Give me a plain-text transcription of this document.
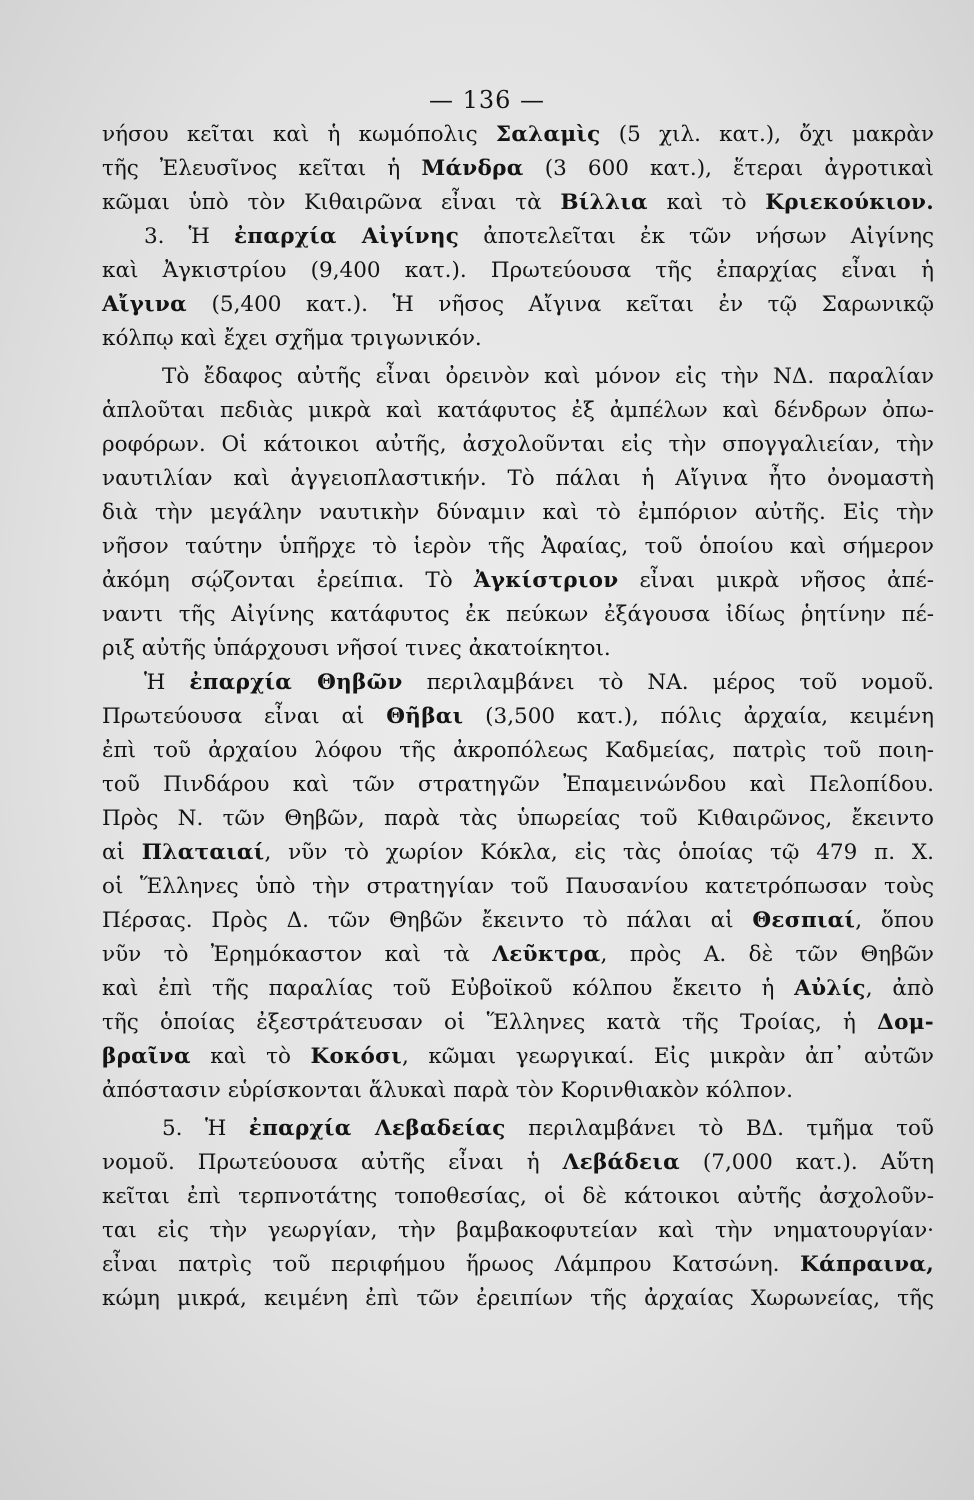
— 136 —
νήσου κεῖται καὶ ἡ κωμόπολις Σαλαμὶς (5 χιλ. κατ.), ὄχι μακρὰν
τῆς Ἐλευσῖνος κεῖται ἡ Μάνδρα (3 600 κατ.), ἕτεραι ἀγροτικαὶ
κῶμαι ὑπὸ τὸν Κιθαιρῶνα εἶναι τὰ Βίλλια καὶ τὸ Κριεκούκιον.
3. Ἡ ἐπαρχία Αἰγίνης ἀποτελεῖται ἐκ τῶν νήσων Αἰγίνης
καὶ Ἀγκιστρίου (9,400 κατ.). Πρωτεύουσα τῆς ἐπαρχίας εἶναι ἡ
Αἴγινα (5,400 κατ.). Ἡ νῆσος Αἴγινα κεῖται ἐν τῷ Σαρωνικῷ
κόλπῳ καὶ ἔχει σχῆμα τριγωνικόν.
Τὸ ἔδαφος αὐτῆς εἶναι ὀρεινὸν καὶ μόνον εἰς τὴν ΝΔ. παραλίαν
ἁπλοῦται πεδιὰς μικρὰ καὶ κατάφυτος ἐξ ἀμπέλων καὶ δένδρων ὀπω-
ροφόρων. Οἱ κάτοικοι αὐτῆς, ἀσχολοῦνται εἰς τὴν σπογγαλιείαν, τὴν
ναυτιλίαν καὶ ἀγγειοπλαστικήν. Τὸ πάλαι ἡ Αἴγινα ἦτο ὀνομαστὴ
διὰ τὴν μεγάλην ναυτικὴν δύναμιν καὶ τὸ ἐμπόριον αὐτῆς. Εἰς τὴν
νῆσον ταύτην ὑπῆρχε τὸ ἱερὸν τῆς Ἀφαίας, τοῦ ὁποίου καὶ σήμερον
ἀκόμη σῴζονται ἐρείπια. Τὸ Ἀγκίστριον εἶναι μικρὰ νῆσος ἀπέ-
ναντι τῆς Αἰγίνης κατάφυτος ἐκ πεύκων ἐξάγουσα ἰδίως ῥητίνην πέ-
ριξ αὐτῆς ὑπάρχουσι νῆσοί τινες ἀκατοίκητοι.
Ἡ ἐπαρχία Θηβῶν περιλαμβάνει τὸ ΝΑ. μέρος τοῦ νομοῦ.
Πρωτεύουσα εἶναι αἱ Θῆβαι (3,500 κατ.), πόλις ἀρχαία, κειμένη
ἐπὶ τοῦ ἀρχαίου λόφου τῆς ἀκροπόλεως Καδμείας, πατρὶς τοῦ ποιη-
τοῦ Πινδάρου καὶ τῶν στρατηγῶν Ἐπαμεινώνδου καὶ Πελοπίδου.
Πρὸς Ν. τῶν Θηβῶν, παρὰ τὰς ὑπωρείας τοῦ Κιθαιρῶνος, ἔκειντο
αἱ Πλαταιαί, νῦν τὸ χωρίον Κόκλα, εἰς τὰς ὁποίας τῷ 479 π. Χ.
οἱ Ἕλληνες ὑπὸ τὴν στρατηγίαν τοῦ Παυσανίου κατετρόπωσαν τοὺς
Πέρσας. Πρὸς Δ. τῶν Θηβῶν ἔκειντο τὸ πάλαι αἱ Θεσπιαί, ὅπου
νῦν τὸ Ἐρημόκαστον καὶ τὰ Λεῦκτρα, πρὸς Α. δὲ τῶν Θηβῶν
καὶ ἐπὶ τῆς παραλίας τοῦ Εὐβοϊκοῦ κόλπου ἔκειτο ἡ Αὐλίς, ἀπὸ
τῆς ὁποίας ἐξεστράτευσαν οἱ Ἕλληνες κατὰ τῆς Τροίας, ἡ Δομ-
βραῖνα καὶ τὸ Κοκόσι, κῶμαι γεωργικαί. Εἰς μικρὰν ἀπ᾽ αὐτῶν
ἀπόστασιν εὑρίσκονται ἅλυκαὶ παρὰ τὸν Κορινθιακὸν κόλπον.
5. Ἡ ἐπαρχία Λεβαδείας περιλαμβάνει τὸ ΒΔ. τμῆμα τοῦ
νομοῦ. Πρωτεύουσα αὐτῆς εἶναι ἡ Λεβάδεια (7,000 κατ.). Αὕτη
κεῖται ἐπὶ τερπνοτάτης τοποθεσίας, οἱ δὲ κάτοικοι αὐτῆς ἀσχολοῦν-
ται εἰς τὴν γεωργίαν, τὴν βαμβακοφυτείαν καὶ τὴν νηματουργίαν·
εἶναι πατρὶς τοῦ περιφήμου ἥρωος Λάμπρου Κατσώνη. Κάπραινα,
κώμη μικρά, κειμένη ἐπὶ τῶν ἐρειπίων τῆς ἀρχαίας Χωρωνείας, τῆς
